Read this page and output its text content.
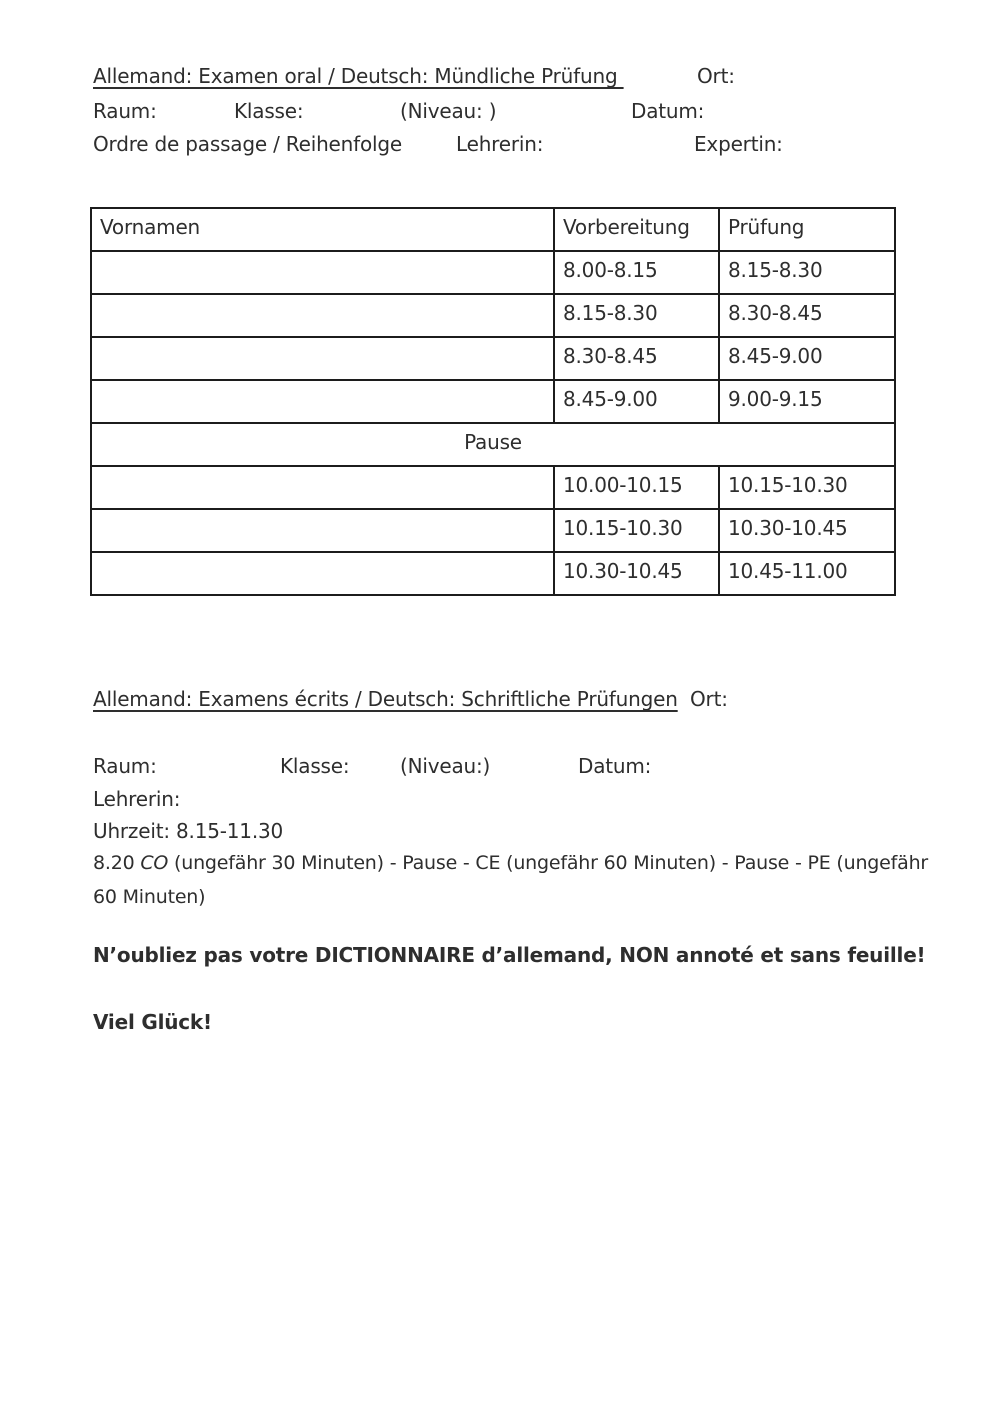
Allemand: Examen oral / Deutsch: Mündliche Prüfung	Ort:
Raum:	Klasse:	(Niveau: )	Datum:
Ordre de passage / Reihenfolge	Lehrerin:	Expertin:
Vornamen	Vorbereitung	Prüfung
	8.00-8.15	8.15-8.30
	8.15-8.30	8.30-8.45
	8.30-8.45	8.45-9.00
	8.45-9.00	9.00-9.15
Pause		
	10.00-10.15	10.15-10.30
	10.15-10.30	10.30-10.45
	10.30-10.45	10.45-11.00
Allemand: Examens écrits / Deutsch: Schriftliche Prüfungen Ort:
Raum:	Klasse:	(Niveau:)	Datum:
Lehrerin:
Uhrzeit: 8.15-11.30
8.20 CO (ungefähr 30 Minuten) - Pause - CE (ungefähr 60 Minuten) - Pause - PE (ungefähr
60 Minuten)
N’oubliez pas votre DICTIONNAIRE d’allemand, NON annoté et sans feuille!
Viel Glück!
